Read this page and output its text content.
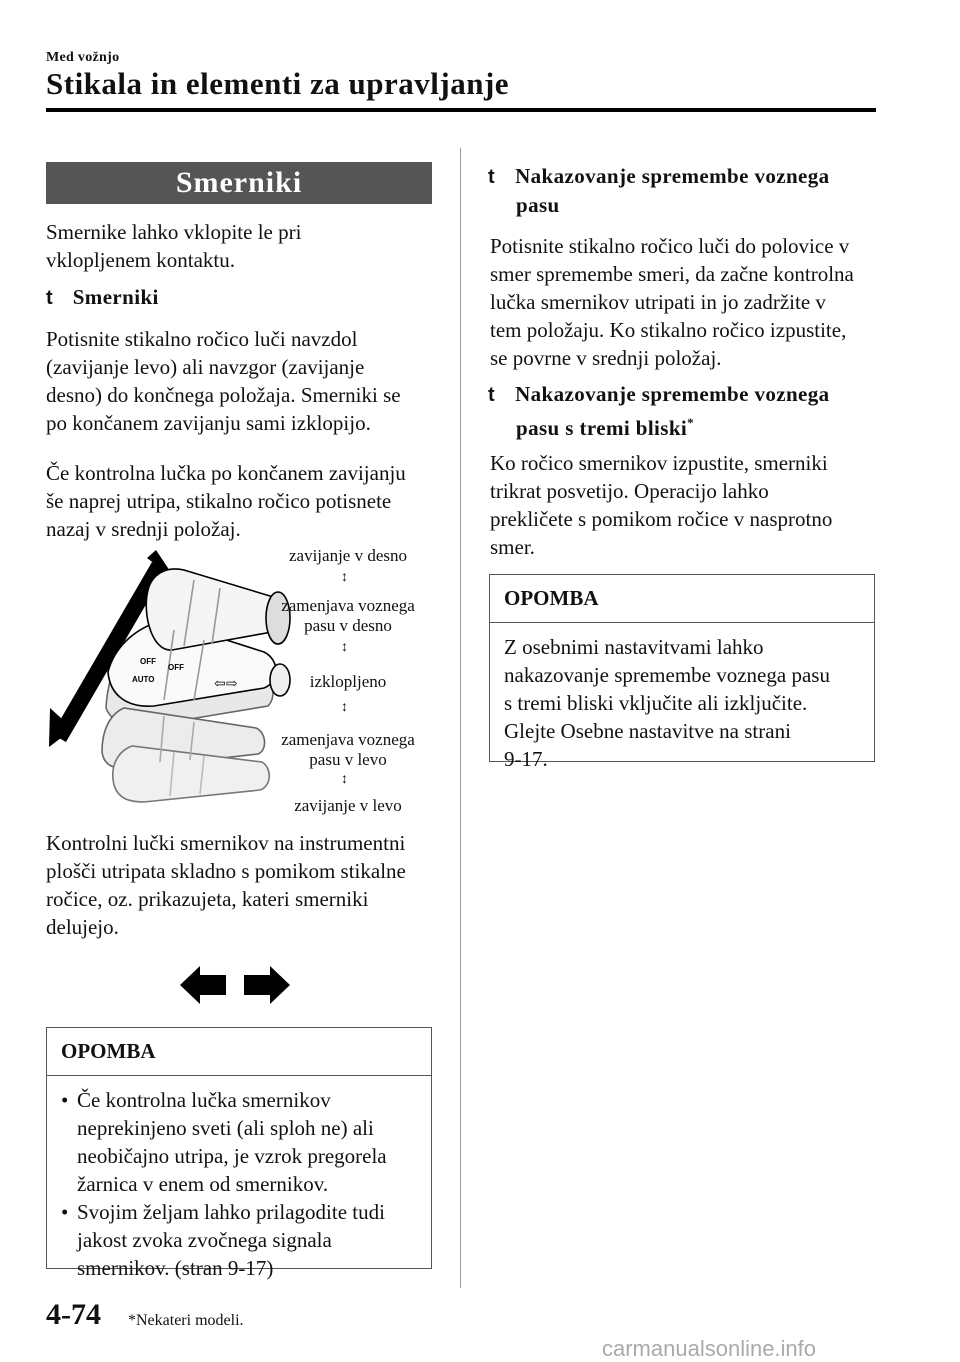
Med vožnjo
Stikala in elementi za upravljanje
Smerniki
Smernike lahko vklopite le pri
vklopljenem kontaktu.
t Smerniki
Potisnite stikalno ročico luči navzdol
(zavijanje levo) ali navzgor (zavijanje
desno) do končnega položaja. Smerniki se
po končanem zavijanju sami izklopijo.
Če kontrolna lučka po končanem zavijanju
še naprej utripa, stikalno ročico potisnete
nazaj v srednji položaj.
OFF
OFF
AUTO	⇦⇨
zavijanje v desno
↕
zamenjava voznega
pasu v desno
↕
izklopljeno
↕
zamenjava voznega
pasu v levo
↕
zavijanje v levo
Kontrolni lučki smernikov na instrumentni
plošči utripata skladno s pomikom stikalne
ročice, oz. prikazujeta, kateri smerniki
delujejo.
OPOMBA
• Če kontrolna lučka smernikov
neprekinjeno sveti (ali sploh ne) ali
neobičajno utripa, je vzrok pregorela
žarnica v enem od smernikov.
• Svojim željam lahko prilagodite tudi
jakost zvoka zvočnega signala
smernikov. (stran 9-17)
t Nakazovanje spremembe voznega
pasu
Potisnite stikalno ročico luči do polovice v
smer spremembe smeri, da začne kontrolna
lučka smernikov utripati in jo zadržite v
tem položaju. Ko stikalno ročico izpustite,
se povrne v srednji položaj.
t Nakazovanje spremembe voznega
pasu s tremi bliski*
Ko ročico smernikov izpustite, smerniki
trikrat posvetijo. Operacijo lahko
prekličete s pomikom ročice v nasprotno
smer.
OPOMBA
Z osebnimi nastavitvami lahko
nakazovanje spremembe voznega pasu
s tremi bliski vključite ali izključite.
Glejte Osebne nastavitve na strani
9-17.
4-74 *Nekateri modeli.
carmanualsonline.info
